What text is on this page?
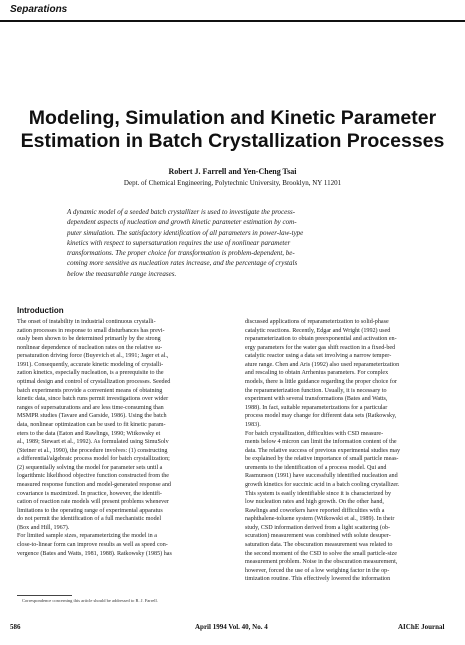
Separations
Modeling, Simulation and Kinetic Parameter
Estimation in Batch Crystallization Processes
Robert J. Farrell and Yen-Cheng Tsai
Dept. of Chemical Engineering, Polytechnic University, Brooklyn, NY 11201
A dynamic model of a seeded batch crystallizer is used to investigate the process-
dependent aspects of nucleation and growth kinetic parameter estimation by com-
puter simulation. The satisfactory identification of all parameters in power-law-type
kinetics with respect to supersaturation requires the use of nonlinear parameter
transformations. The proper choice for transformation is problem-dependent, be-
coming more sensitive as nucleation rates increase, and the percentage of crystals
below the measurable range increases.
Introduction
The onset of instability in industrial continuous crystalli-
zation processes in response to small disturbances has previ-
ously been shown to be determined primarily by the strong
nonlinear dependence of nucleation rates on the relative su-
persaturation driving force (Buyevich et al., 1991; Jager et al.,
1991). Consequently, accurate kinetic modeling of crystalli-
zation kinetics, especially nucleation, is a prerequisite to the
optimal design and control of crystallization processes. Seeded
batch experiments provide a convenient means of obtaining
kinetic data, since batch runs permit investigations over wider
ranges of supersaturations and are less time-consuming than
MSMPR studies (Tavare and Garside, 1986). Using the batch
data, nonlinear optimization can be used to fit kinetic param-
eters to the data (Eaton and Rawlings, 1990; Witkowsky et
al., 1989; Stewart et al., 1992). As formulated using SimuSolv
(Steiner et al., 1990), the procedure involves: (1) constructing
a differential/algebraic process model for batch crystallization;
(2) sequentially solving the model for parameter sets until a
logarithmic likelihood objective function constructed from the
measured response function and model-generated response and
covariance is maximized. In practice, however, the identifi-
cation of reaction rate models will present problems whenever
limitations to the operating range of experimental apparatus
do not permit the identification of a full mechanistic model
(Box and Hill, 1967).
For limited sample sizes, reparameterizing the model in a
close-to-linear form can improve results as well as speed con-
vergence (Bates and Watts, 1981, 1988). Ratkowsky (1985) has
discussed applications of reparameterization to solid-phase
catalytic reactions. Recently, Edgar and Wright (1992) used
reparameterization to obtain preexponential and activation en-
ergy parameters for the water gas shift reaction in a fixed-bed
catalytic reactor using a data set involving a narrow temper-
ature range. Chen and Aris (1992) also used reparameterization
and rescaling to obtain Arrhenius parameters. For complex
models, there is little guidance regarding the proper choice for
the reparameterization function. Usually, it is necessary to
experiment with several transformations (Bates and Watts,
1988). In fact, suitable reparameterizations for a particular
process model may change for different data sets (Ratkowsky,
1983).
For batch crystallization, difficulties with CSD measure-
ments below 4 micron can limit the information content of the
data. The relative success of previous experimental studies may
be explained by the relative importance of small particle meas-
urements to the identification of a process model. Qui and
Rasmunson (1991) have successfully identified nucleation and
growth kinetics for succinic acid in a batch cooling crystallizer.
This system is easily identifiable since it is characterized by
low nucleation rates and high growth. On the other hand,
Rawlings and coworkers have reported difficulties with a
naphthalene-toluene system (Witkowski et al., 1989). In their
study, CSD information derived from a light scattering (ob-
scuration) measurement was combined with solute desuper-
saturation data. The obscuration measurement was related to
the second moment of the CSD to solve the small particle-size
measurement problem. Noise in the obscuration measurement,
however, forced the use of a low weighing factor in the op-
timization routine. This effectively lowered the information
Correspondence concerning this article should be addressed to R. J. Farrell.
586	April 1994 Vol. 40, No. 4	AIChE Journal
